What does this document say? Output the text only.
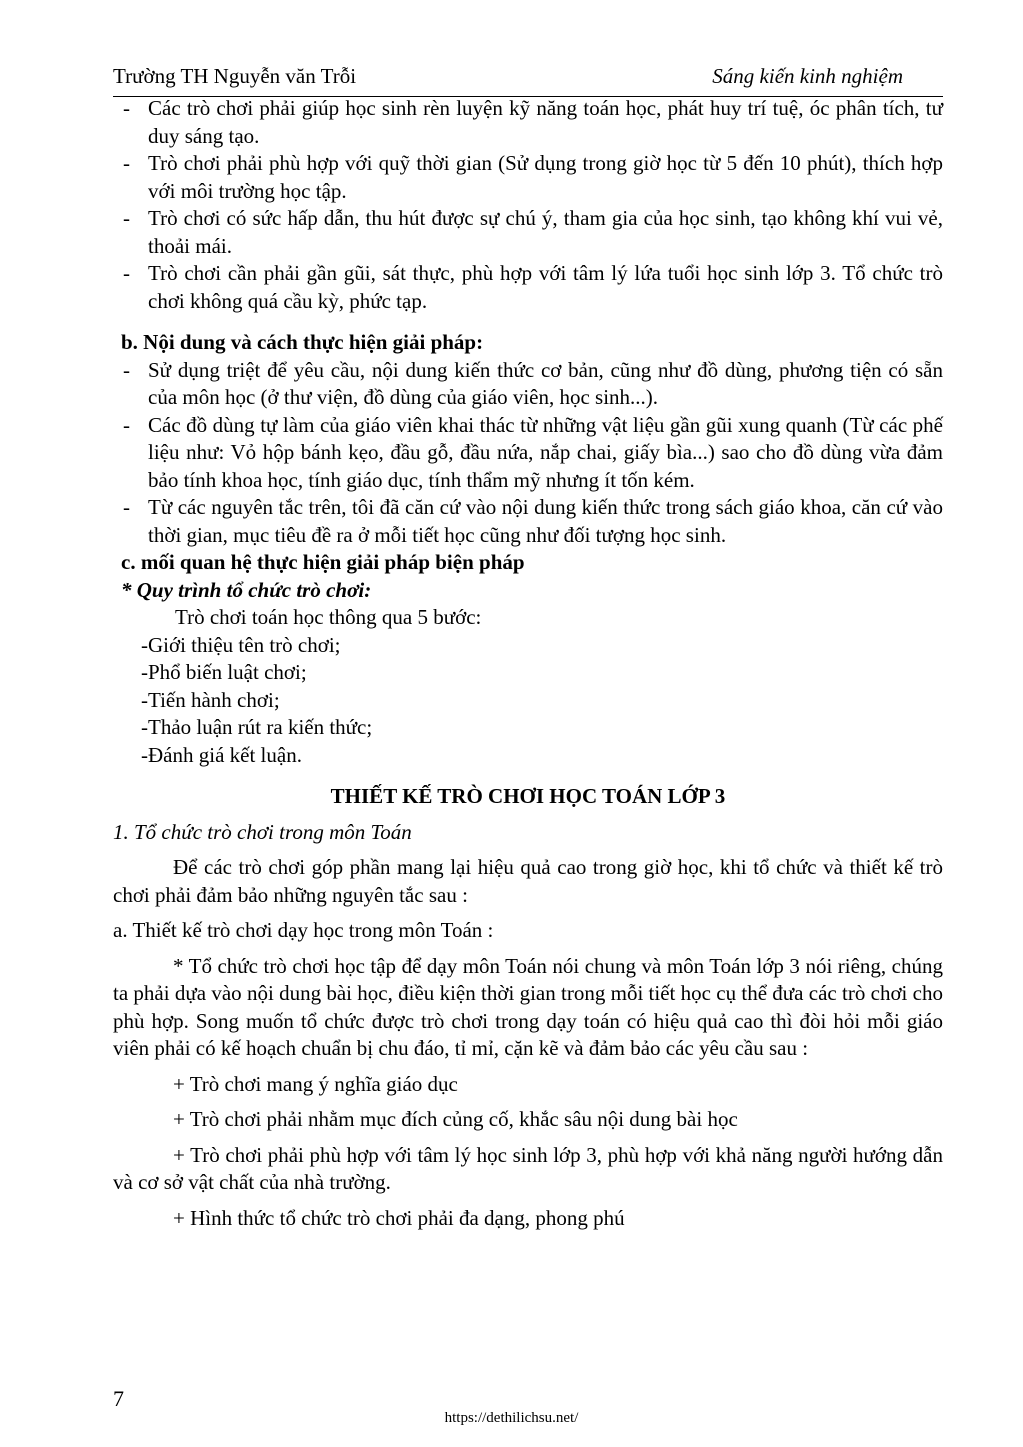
Trường TH Nguyễn văn Trỗi	Sáng kiến kinh nghiệm
- Các trò chơi phải giúp học sinh rèn luyện kỹ năng toán học, phát huy trí tuệ, óc phân tích, tư duy sáng tạo.
- Trò chơi phải phù hợp với quỹ thời gian (Sử dụng trong giờ học từ 5 đến 10 phút), thích hợp với môi trường học tập.
- Trò chơi có sức hấp dẫn, thu hút được sự chú ý, tham gia của học sinh, tạo không khí vui vẻ, thoải mái.
- Trò chơi cần phải gần gũi, sát thực, phù hợp với tâm lý lứa tuổi học sinh lớp 3. Tổ chức trò chơi không quá cầu kỳ, phức tạp.
b. Nội dung và cách thực hiện giải pháp:
- Sử dụng triệt để yêu cầu, nội dung kiến thức cơ bản, cũng như đồ dùng, phương tiện có sẵn của môn học (ở thư viện, đồ dùng của giáo viên, học sinh...).
- Các đồ dùng tự làm của giáo viên khai thác từ những vật liệu gần gũi xung quanh (Từ các phế liệu như: Vỏ hộp bánh kẹo, đầu gỗ, đầu nứa, nắp chai, giấy bìa...) sao cho đồ dùng vừa đảm bảo tính khoa học, tính giáo dục, tính thẩm mỹ nhưng ít tốn kém.
- Từ các nguyên tắc trên, tôi đã căn cứ vào nội dung kiến thức trong sách giáo khoa, căn cứ vào thời gian, mục tiêu đề ra ở mỗi tiết học cũng như đối tượng học sinh.
c. mối quan hệ thực hiện giải pháp biện pháp
* Quy trình tổ chức trò chơi:
Trò chơi toán học thông qua 5 bước:
-Giới thiệu tên trò chơi;
-Phổ biến luật chơi;
-Tiến hành chơi;
-Thảo luận rút ra kiến thức;
-Đánh giá kết luận.
THIẾT KẾ TRÒ CHƠI HỌC TOÁN LỚP 3
1. Tổ chức trò chơi trong môn Toán
Để các trò chơi góp phần mang lại hiệu quả cao trong giờ học, khi tổ chức và thiết kế trò chơi phải đảm bảo những nguyên tắc sau :
a. Thiết kế trò chơi dạy học trong môn Toán :
* Tổ chức trò chơi học tập để dạy môn Toán nói chung và môn Toán lớp 3 nói riêng, chúng ta phải dựa vào nội dung bài học, điều kiện thời gian trong mỗi tiết học cụ thể đưa các trò chơi cho phù hợp. Song muốn tổ chức được trò chơi trong dạy toán có hiệu quả cao thì đòi hỏi mỗi giáo viên phải có kế hoạch chuẩn bị chu đáo, tỉ mỉ, cặn kẽ và đảm bảo các yêu cầu sau :
+ Trò chơi mang ý nghĩa giáo dục
+ Trò chơi phải nhằm mục đích củng cố, khắc sâu nội dung bài học
+ Trò chơi phải phù hợp với tâm lý học sinh lớp 3, phù hợp với khả năng người hướng dẫn và cơ sở vật chất của nhà trường.
+ Hình thức tổ chức trò chơi phải đa dạng, phong phú
7
https://dethilichsu.net/
